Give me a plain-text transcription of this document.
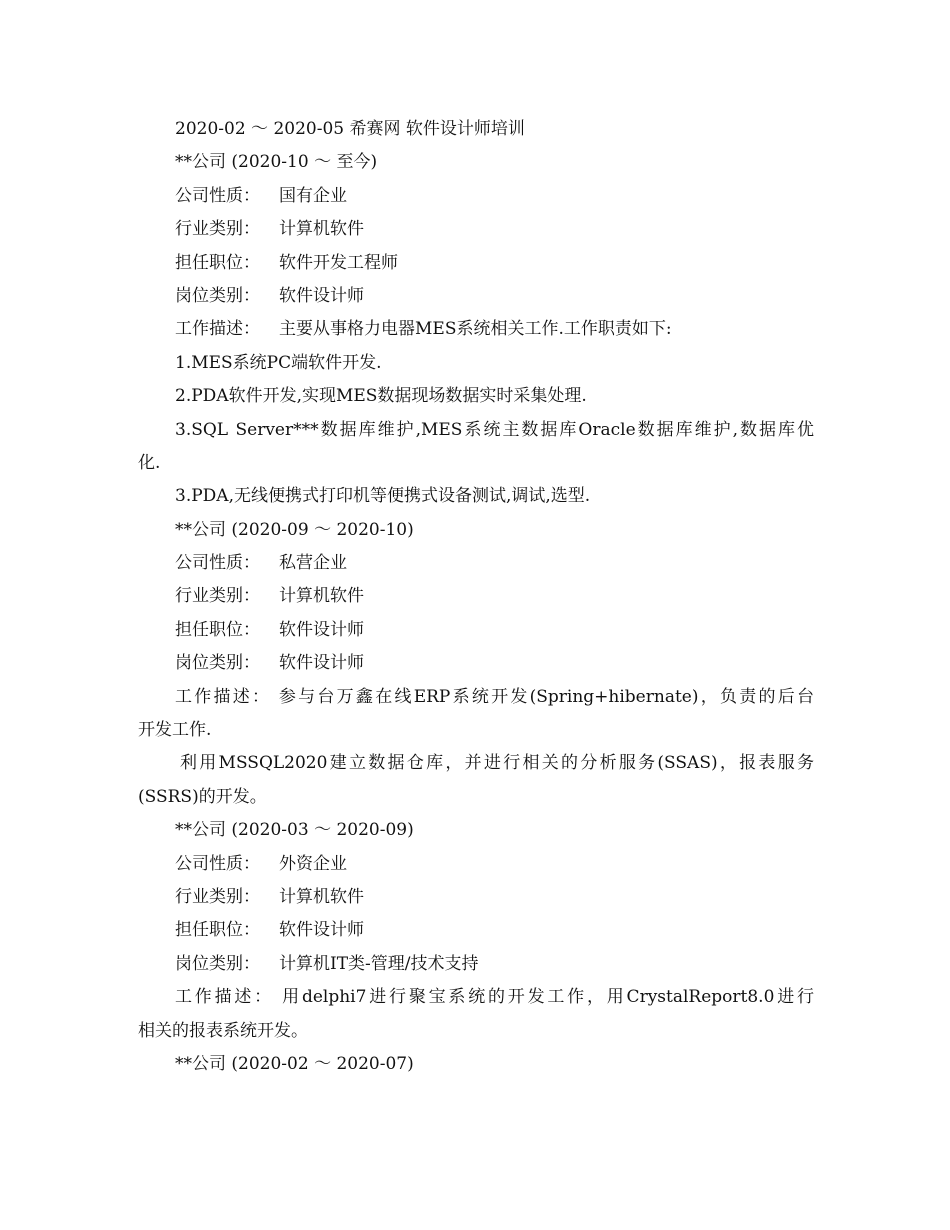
2020-02 ～ 2020-05 希赛网 软件设计师培训
**公司 (2020-10 ～ 至今)
公司性质： 国有企业
行业类别： 计算机软件
担任职位： 软件开发工程师
岗位类别： 软件设计师
工作描述： 主要从事格力电器MES系统相关工作.工作职责如下:
1.MES系统PC端软件开发.
2.PDA软件开发,实现MES数据现场数据实时采集处理.
3.SQL Server***数据库维护,MES系统主数据库Oracle数据库维护,数据库优
化.
3.PDA,无线便携式打印机等便携式设备测试,调试,选型.
**公司 (2020-09 ～ 2020-10)
公司性质： 私营企业
行业类别： 计算机软件
担任职位： 软件设计师
岗位类别： 软件设计师
工作描述： 参与台万鑫在线ERP系统开发(Spring+hibernate)，负责的后台
开发工作.
利用MSSQL2020建立数据仓库，并进行相关的分析服务(SSAS)，报表服务
(SSRS)的开发。
**公司 (2020-03 ～ 2020-09)
公司性质： 外资企业
行业类别： 计算机软件
担任职位： 软件设计师
岗位类别： 计算机IT类-管理/技术支持
工作描述： 用delphi7进行聚宝系统的开发工作，用CrystalReport8.0进行
相关的报表系统开发。
**公司 (2020-02 ～ 2020-07)
